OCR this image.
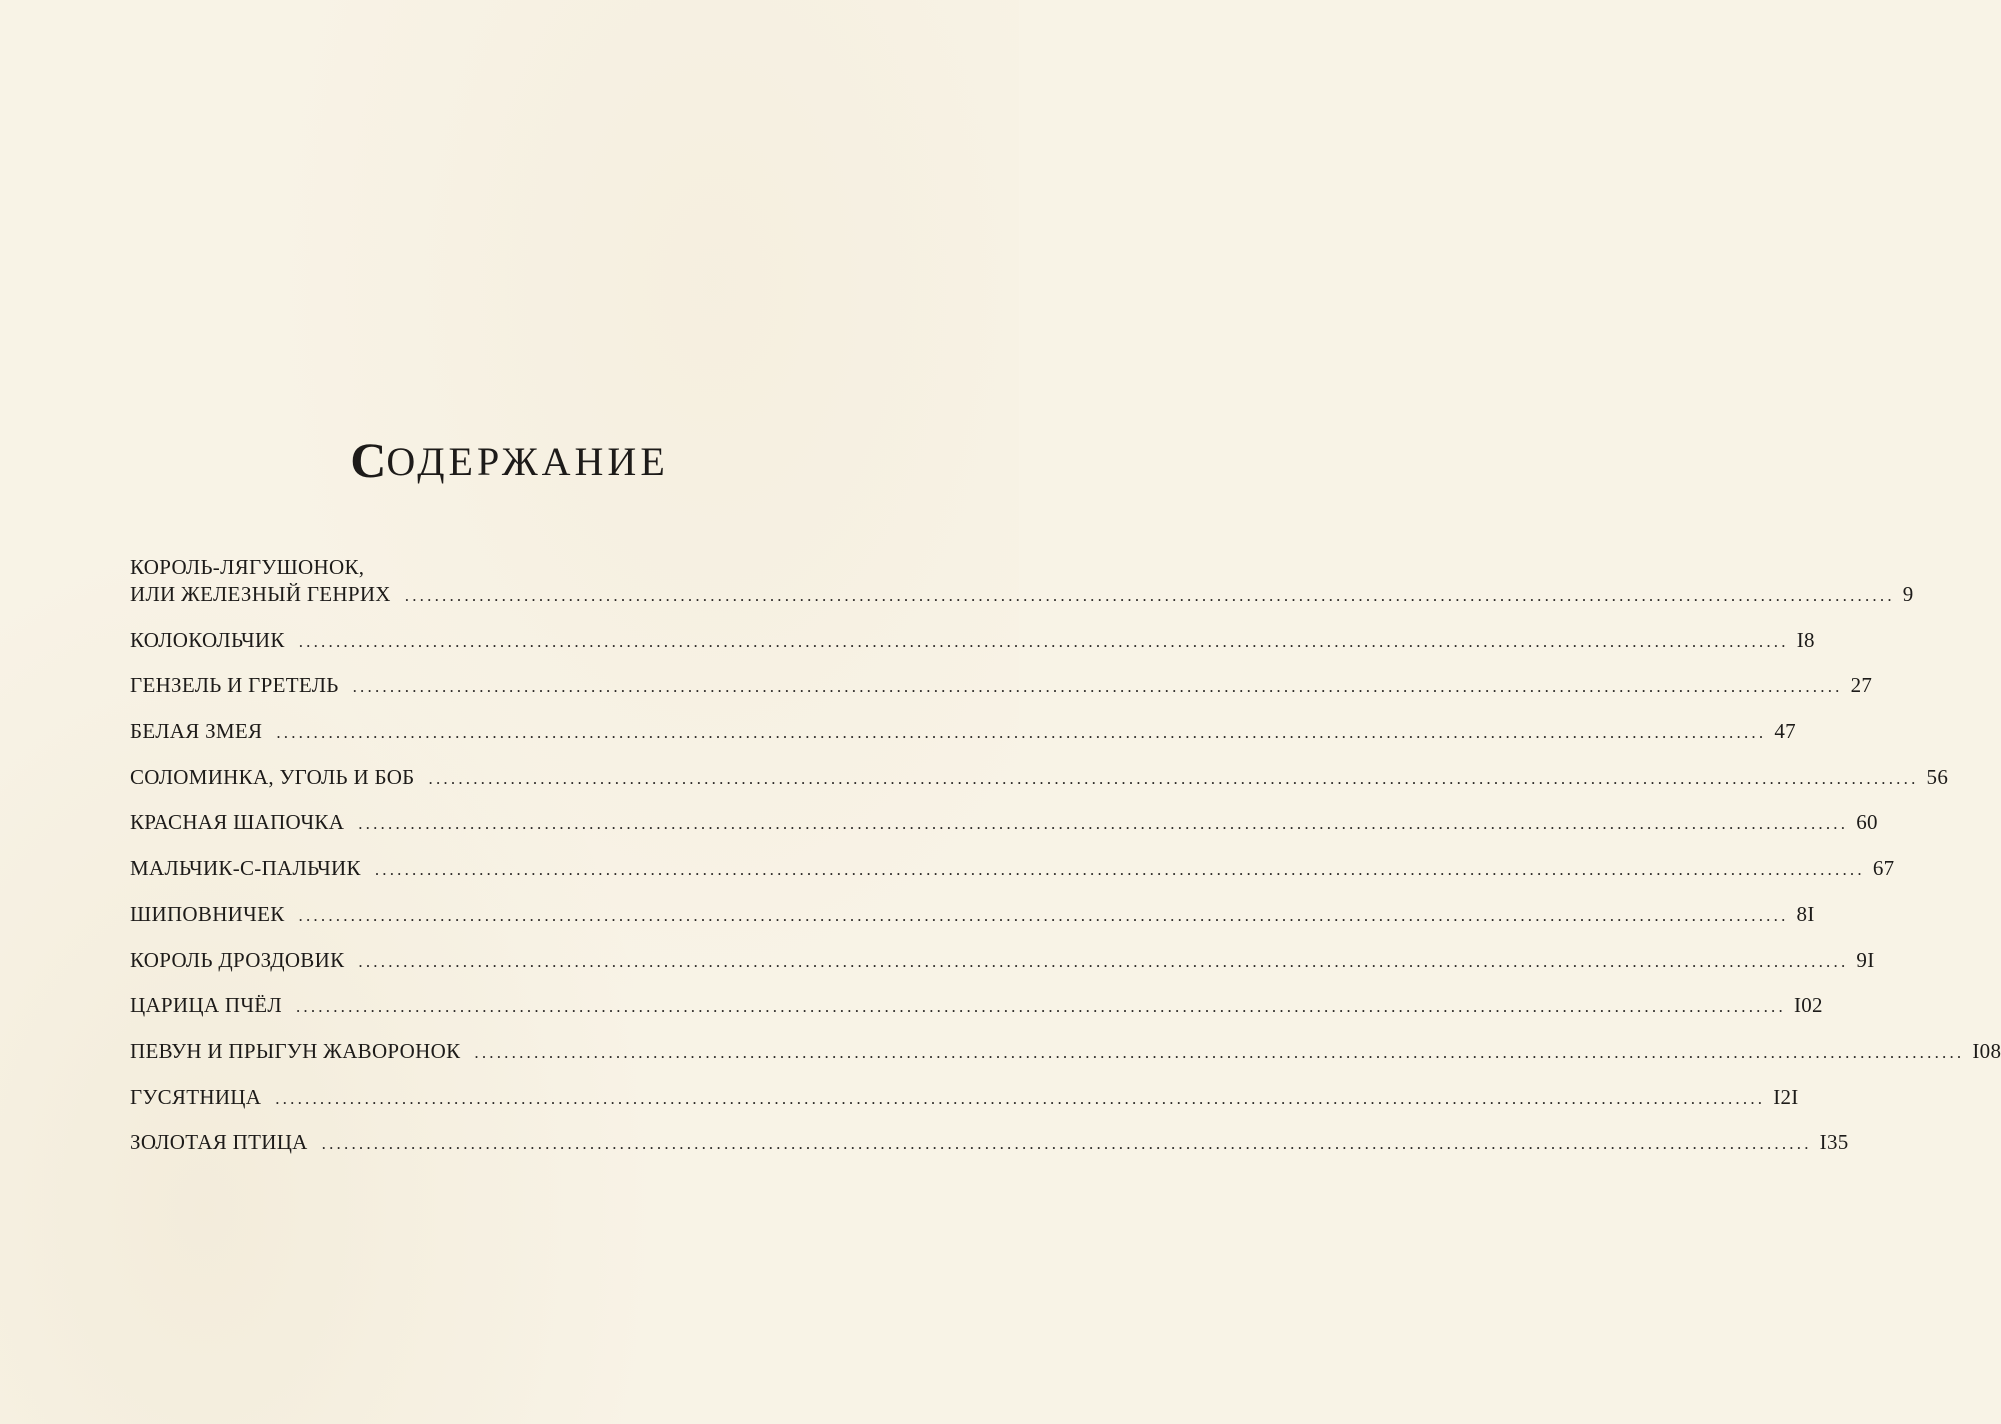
СОДЕРЖАНИЕ
КОРОЛЬ-ЛЯГУШОНОК,
ИЛИ ЖЕЛЕЗНЫЙ ГЕНРИХ ........................................................................................................................................................................................................ 9
КОЛОКОЛЬЧИК ........................................................................................................................................................................................................ I8
ГЕНЗЕЛЬ И ГРЕТЕЛЬ ........................................................................................................................................................................................................ 27
БЕЛАЯ ЗМЕЯ ........................................................................................................................................................................................................ 47
СОЛОМИНКА, УГОЛЬ И БОБ ........................................................................................................................................................................................................ 56
КРАСНАЯ ШАПОЧКА ........................................................................................................................................................................................................ 60
МАЛЬЧИК-С-ПАЛЬЧИК ........................................................................................................................................................................................................ 67
ШИПОВНИЧЕК ........................................................................................................................................................................................................ 8I
КОРОЛЬ ДРОЗДОВИК ........................................................................................................................................................................................................ 9I
ЦАРИЦА ПЧЁЛ ........................................................................................................................................................................................................ I02
ПЕВУН И ПРЫГУН ЖАВОРОНОК ........................................................................................................................................................................................................ I08
ГУСЯТНИЦА ........................................................................................................................................................................................................ I2I
ЗОЛОТАЯ ПТИЦА ........................................................................................................................................................................................................ I35
